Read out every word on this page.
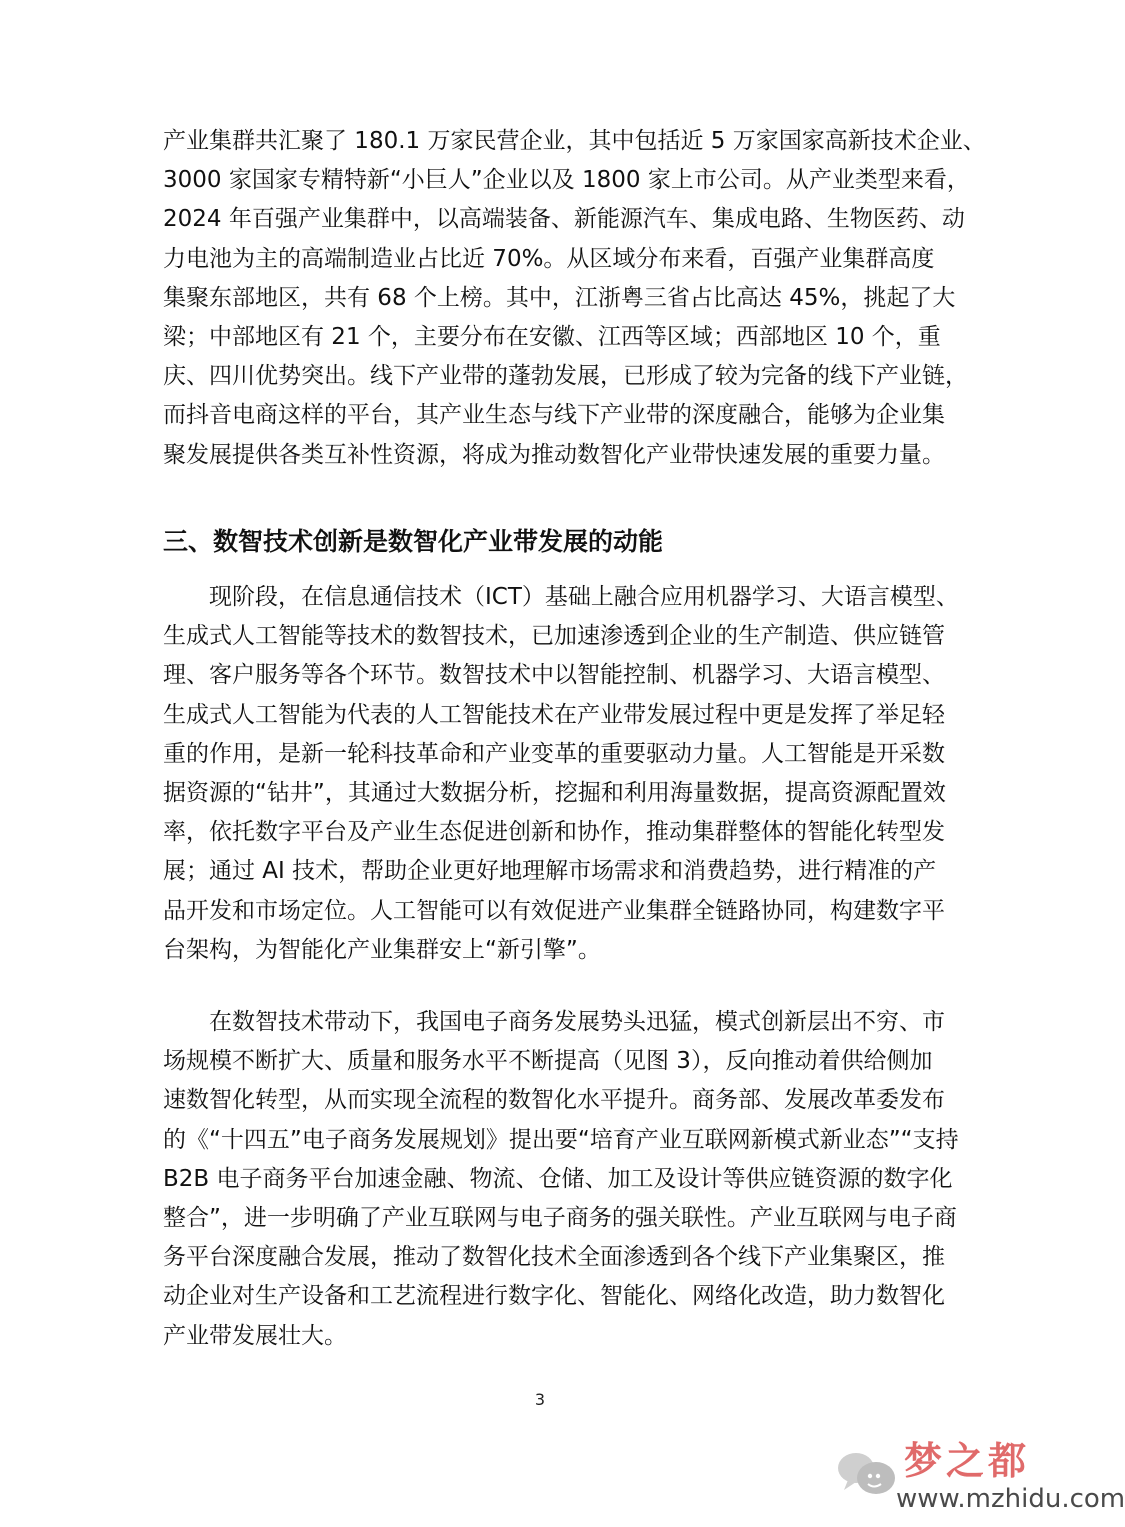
产业集群共汇聚了 180.1 万家民营企业，其中包括近 5 万家国家高新技术企业、
3000 家国家专精特新“小巨人”企业以及 1800 家上市公司。从产业类型来看，
2024 年百强产业集群中，以高端装备、新能源汽车、集成电路、生物医药、动
力电池为主的高端制造业占比近 70%。从区域分布来看，百强产业集群高度
集聚东部地区，共有 68 个上榜。其中，江浙粤三省占比高达 45%，挑起了大
梁；中部地区有 21 个，主要分布在安徽、江西等区域；西部地区 10 个，重
庆、四川优势突出。线下产业带的蓬勃发展，已形成了较为完备的线下产业链，
而抖音电商这样的平台，其产业生态与线下产业带的深度融合，能够为企业集
聚发展提供各类互补性资源，将成为推动数智化产业带快速发展的重要力量。
三、数智技术创新是数智化产业带发展的动能
　　现阶段，在信息通信技术（ICT）基础上融合应用机器学习、大语言模型、
生成式人工智能等技术的数智技术，已加速渗透到企业的生产制造、供应链管
理、客户服务等各个环节。数智技术中以智能控制、机器学习、大语言模型、
生成式人工智能为代表的人工智能技术在产业带发展过程中更是发挥了举足轻
重的作用，是新一轮科技革命和产业变革的重要驱动力量。人工智能是开采数
据资源的“钻井”，其通过大数据分析，挖掘和利用海量数据，提高资源配置效
率，依托数字平台及产业生态促进创新和协作，推动集群整体的智能化转型发
展；通过 AI 技术，帮助企业更好地理解市场需求和消费趋势，进行精准的产
品开发和市场定位。人工智能可以有效促进产业集群全链路协同，构建数字平
台架构，为智能化产业集群安上“新引擎”。
　　在数智技术带动下，我国电子商务发展势头迅猛，模式创新层出不穷、市
场规模不断扩大、质量和服务水平不断提高（见图 3），反向推动着供给侧加
速数智化转型，从而实现全流程的数智化水平提升。商务部、发展改革委发布
的《“十四五”电子商务发展规划》提出要“培育产业互联网新模式新业态”“支持
B2B 电子商务平台加速金融、物流、仓储、加工及设计等供应链资源的数字化
整合”，进一步明确了产业互联网与电子商务的强关联性。产业互联网与电子商
务平台深度融合发展，推动了数智化技术全面渗透到各个线下产业集聚区，推
动企业对生产设备和工艺流程进行数字化、智能化、网络化改造，助力数智化
产业带发展壮大。
3
梦之都
www.mzhidu.com
